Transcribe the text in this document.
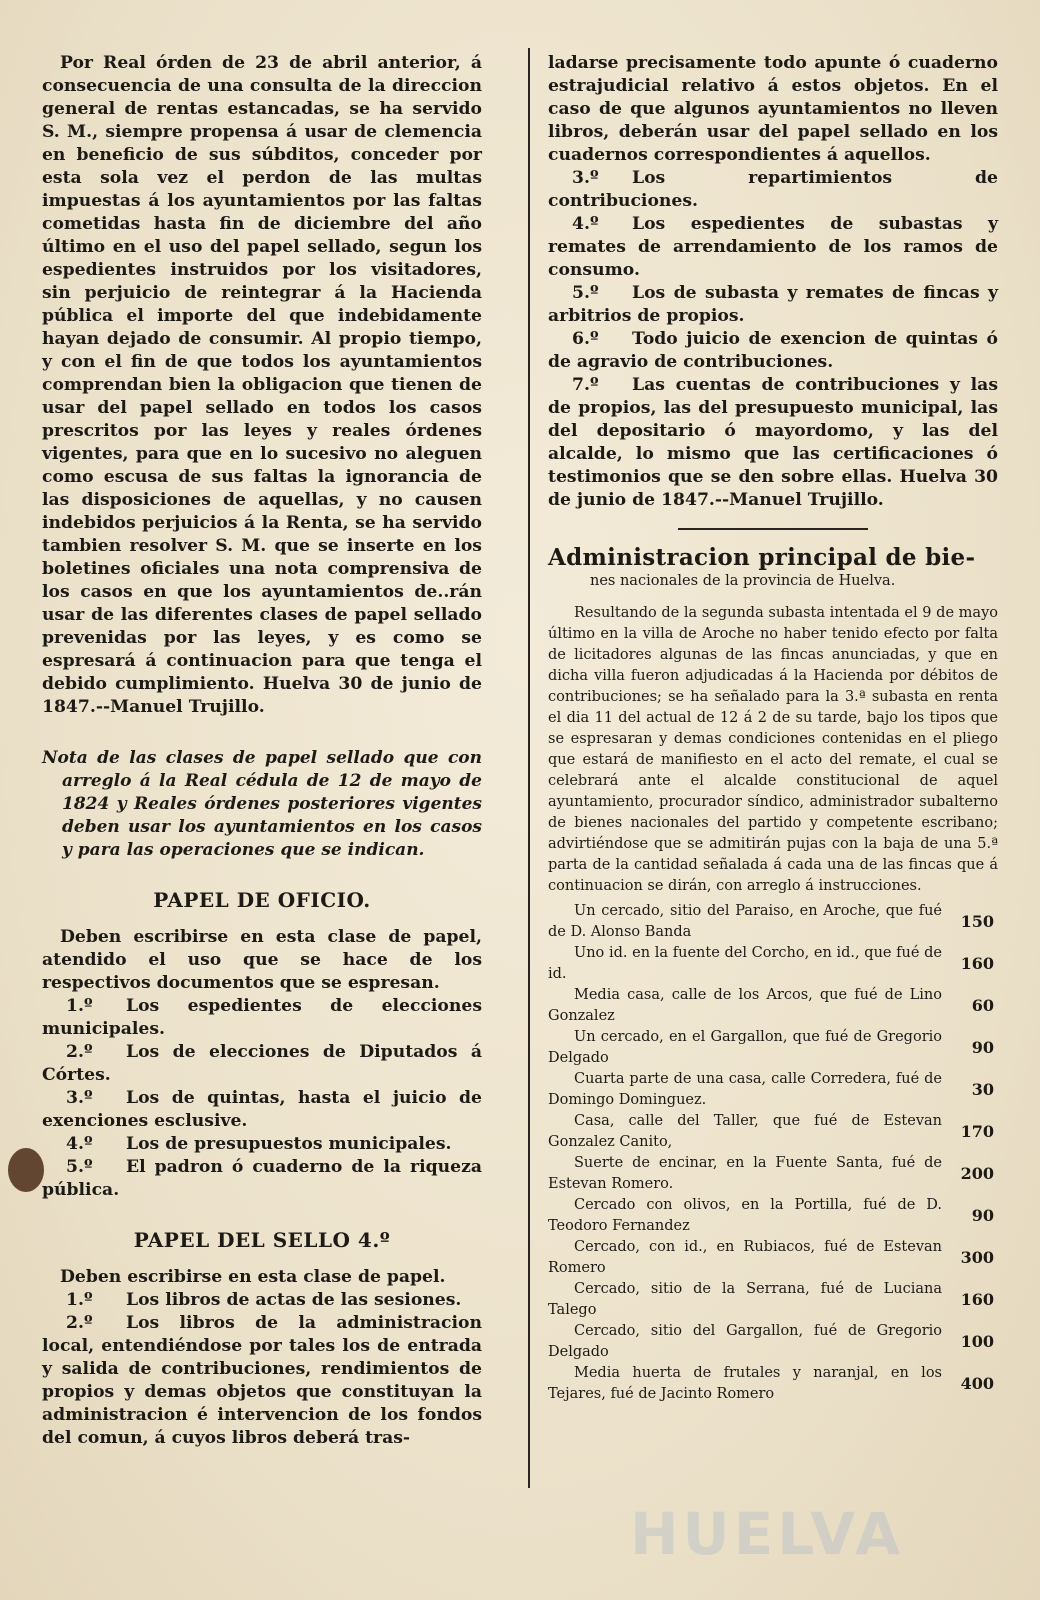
Por Real órden de 23 de abril anterior, á consecuencia de una consulta de la direccion general de rentas estancadas, se ha servido S. M., siempre propensa á usar de clemencia en beneficio de sus súbditos, conceder por esta sola vez el perdon de las multas impuestas á los ayuntamientos por las faltas cometidas hasta fin de diciembre del año último en el uso del papel sellado, segun los espedientes instruidos por los visitadores, sin perjuicio de reintegrar á la Hacienda pública el importe del que indebidamente hayan dejado de consumir. Al propio tiempo, y con el fin de que todos los ayuntamientos comprendan bien la obligacion que tienen de usar del papel sellado en todos los casos prescritos por las leyes y reales órdenes vigentes, para que en lo sucesivo no aleguen como escusa de sus faltas la ignorancia de las disposiciones de aquellas, y no causen indebidos perjuicios á la Renta, se ha servido tambien resolver S. M. que se inserte en los boletines oficiales una nota comprensiva de los casos en que los ayuntamientos de..rán usar de las diferentes clases de papel sellado prevenidas por las leyes, y es como se espresará á continuacion para que tenga el debido cumplimiento. Huelva 30 de junio de 1847.--Manuel Trujillo.

Nota de las clases de papel sellado que con arreglo á la Real cédula de 12 de mayo de 1824 y Reales órdenes posteriores vigentes deben usar los ayuntamientos en los casos y para las operaciones que se indican.

PAPEL DE OFICIO.

Deben escribirse en esta clase de papel, atendido el uso que se hace de los respectivos documentos que se espresan.

1.º Los espedientes de elecciones municipales.
2.º Los de elecciones de Diputados á Córtes.
3.º Los de quintas, hasta el juicio de exenciones esclusive.
4.º Los de presupuestos municipales.
5.º El padron ó cuaderno de la riqueza pública.
PAPEL DEL SELLO 4.º

Deben escribirse en esta clase de papel.

1.º Los libros de actas de las sesiones.
2.º Los libros de la administracion local, entendiéndose por tales los de entrada y salida de contribuciones, rendimientos de propios y demas objetos que constituyan la administracion é intervencion de los fondos del comun, á cuyos libros deberá tras-

ladarse precisamente todo apunte ó cuaderno estrajudicial relativo á estos objetos. En el caso de que algunos ayuntamientos no lleven libros, deberán usar del papel sellado en los cuadernos correspondientes á aquellos.

3.º Los repartimientos de contribuciones.
4.º Los espedientes de subastas y remates de arrendamiento de los ramos de consumo.
5.º Los de subasta y remates de fincas y arbitrios de propios.
6.º Todo juicio de exencion de quintas ó de agravio de contribuciones.
7.º Las cuentas de contribuciones y las de propios, las del presupuesto municipal, las del depositario ó mayordomo, y las del alcalde, lo mismo que las certificaciones ó testimonios que se den sobre ellas. Huelva 30 de junio de 1847.--Manuel Trujillo.
Administracion principal de bie-
nes nacionales de la provincia de Huelva.

Resultando de la segunda subasta intentada el 9 de mayo último en la villa de Aroche no haber tenido efecto por falta de licitadores algunas de las fincas anunciadas, y que en dicha villa fueron adjudicadas á la Hacienda por débitos de contribuciones; se ha señalado para la 3.ª subasta en renta el dia 11 del actual de 12 á 2 de su tarde, bajo los tipos que se espresaran y demas condiciones contenidas en el pliego que estará de manifiesto en el acto del remate, el cual se celebrará ante el alcalde constitucional de aquel ayuntamiento, procurador síndico, administrador subalterno de bienes nacionales del partido y competente escribano; advirtiéndose que se admitirán pujas con la baja de una 5.ª parta de la cantidad señalada á cada una de las fincas que á continuacion se dirán, con arreglo á instrucciones.

Un cercado, sitio del Paraiso, en Aroche, que fué de D. Alonso Banda
150
Uno id. en la fuente del Corcho, en id., que fué de id.
160
Media casa, calle de los Arcos, que fué de Lino Gonzalez
60
Un cercado, en el Gargallon, que fué de Gregorio Delgado
90
Cuarta parte de una casa, calle Corredera, fué de Domingo Dominguez.
30
Casa, calle del Taller, que fué de Estevan Gonzalez Canito,
170
Suerte de encinar, en la Fuente Santa, fué de Estevan Romero.
200
Cercado con olivos, en la Portilla, fué de D. Teodoro Fernandez
90
Cercado, con id., en Rubiacos, fué de Estevan Romero
300
Cercado, sitio de la Serrana, fué de Luciana Talego
160
Cercado, sitio del Gargallon, fué de Gregorio Delgado
100
Media huerta de frutales y naranjal, en los Tejares, fué de Jacinto Romero
400
HUELVA
